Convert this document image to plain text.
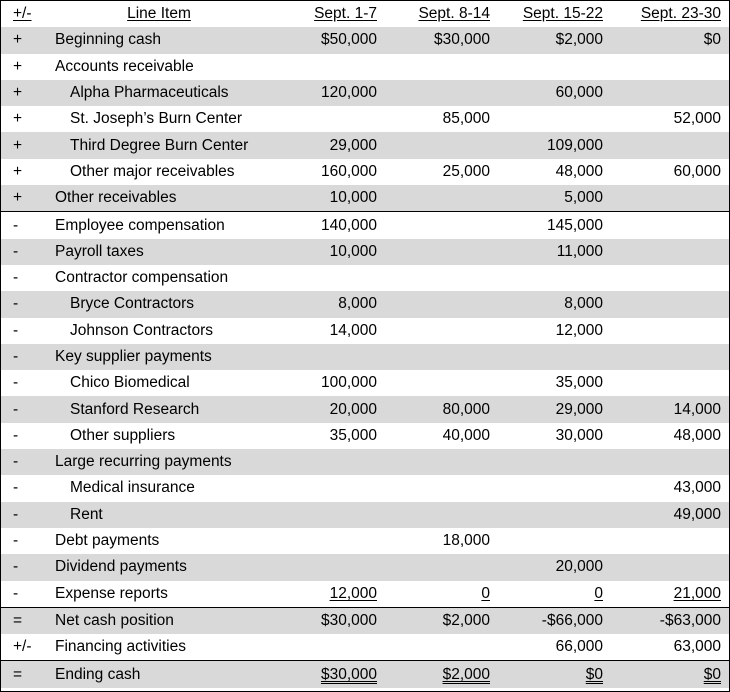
+/-	Line Item	Sept. 1-7	Sept. 8-14	Sept. 15-22	Sept. 23-30
+	Beginning cash	$50,000	$30,000	$2,000	$0
+	Accounts receivable				
+	Alpha Pharmaceuticals	120,000		60,000	
+	St. Joseph’s Burn Center		85,000		52,000
+	Third Degree Burn Center	29,000		109,000	
+	Other major receivables	160,000	25,000	48,000	60,000
+	Other receivables	10,000		5,000	
-	Employee compensation	140,000		145,000	
-	Payroll taxes	10,000		11,000	
-	Contractor compensation				
-	Bryce Contractors	8,000		8,000	
-	Johnson Contractors	14,000		12,000	
-	Key supplier payments				
-	Chico Biomedical	100,000		35,000	
-	Stanford Research	20,000	80,000	29,000	14,000
-	Other suppliers	35,000	40,000	30,000	48,000
-	Large recurring payments				
-	Medical insurance				43,000
-	Rent				49,000
-	Debt payments		18,000		
-	Dividend payments			20,000	
-	Expense reports	12,000	0	0	21,000
=	Net cash position	$30,000	$2,000	-$66,000	-$63,000
+/-	Financing activities			66,000	63,000
=	Ending cash	$30,000	$2,000	$0	$0
